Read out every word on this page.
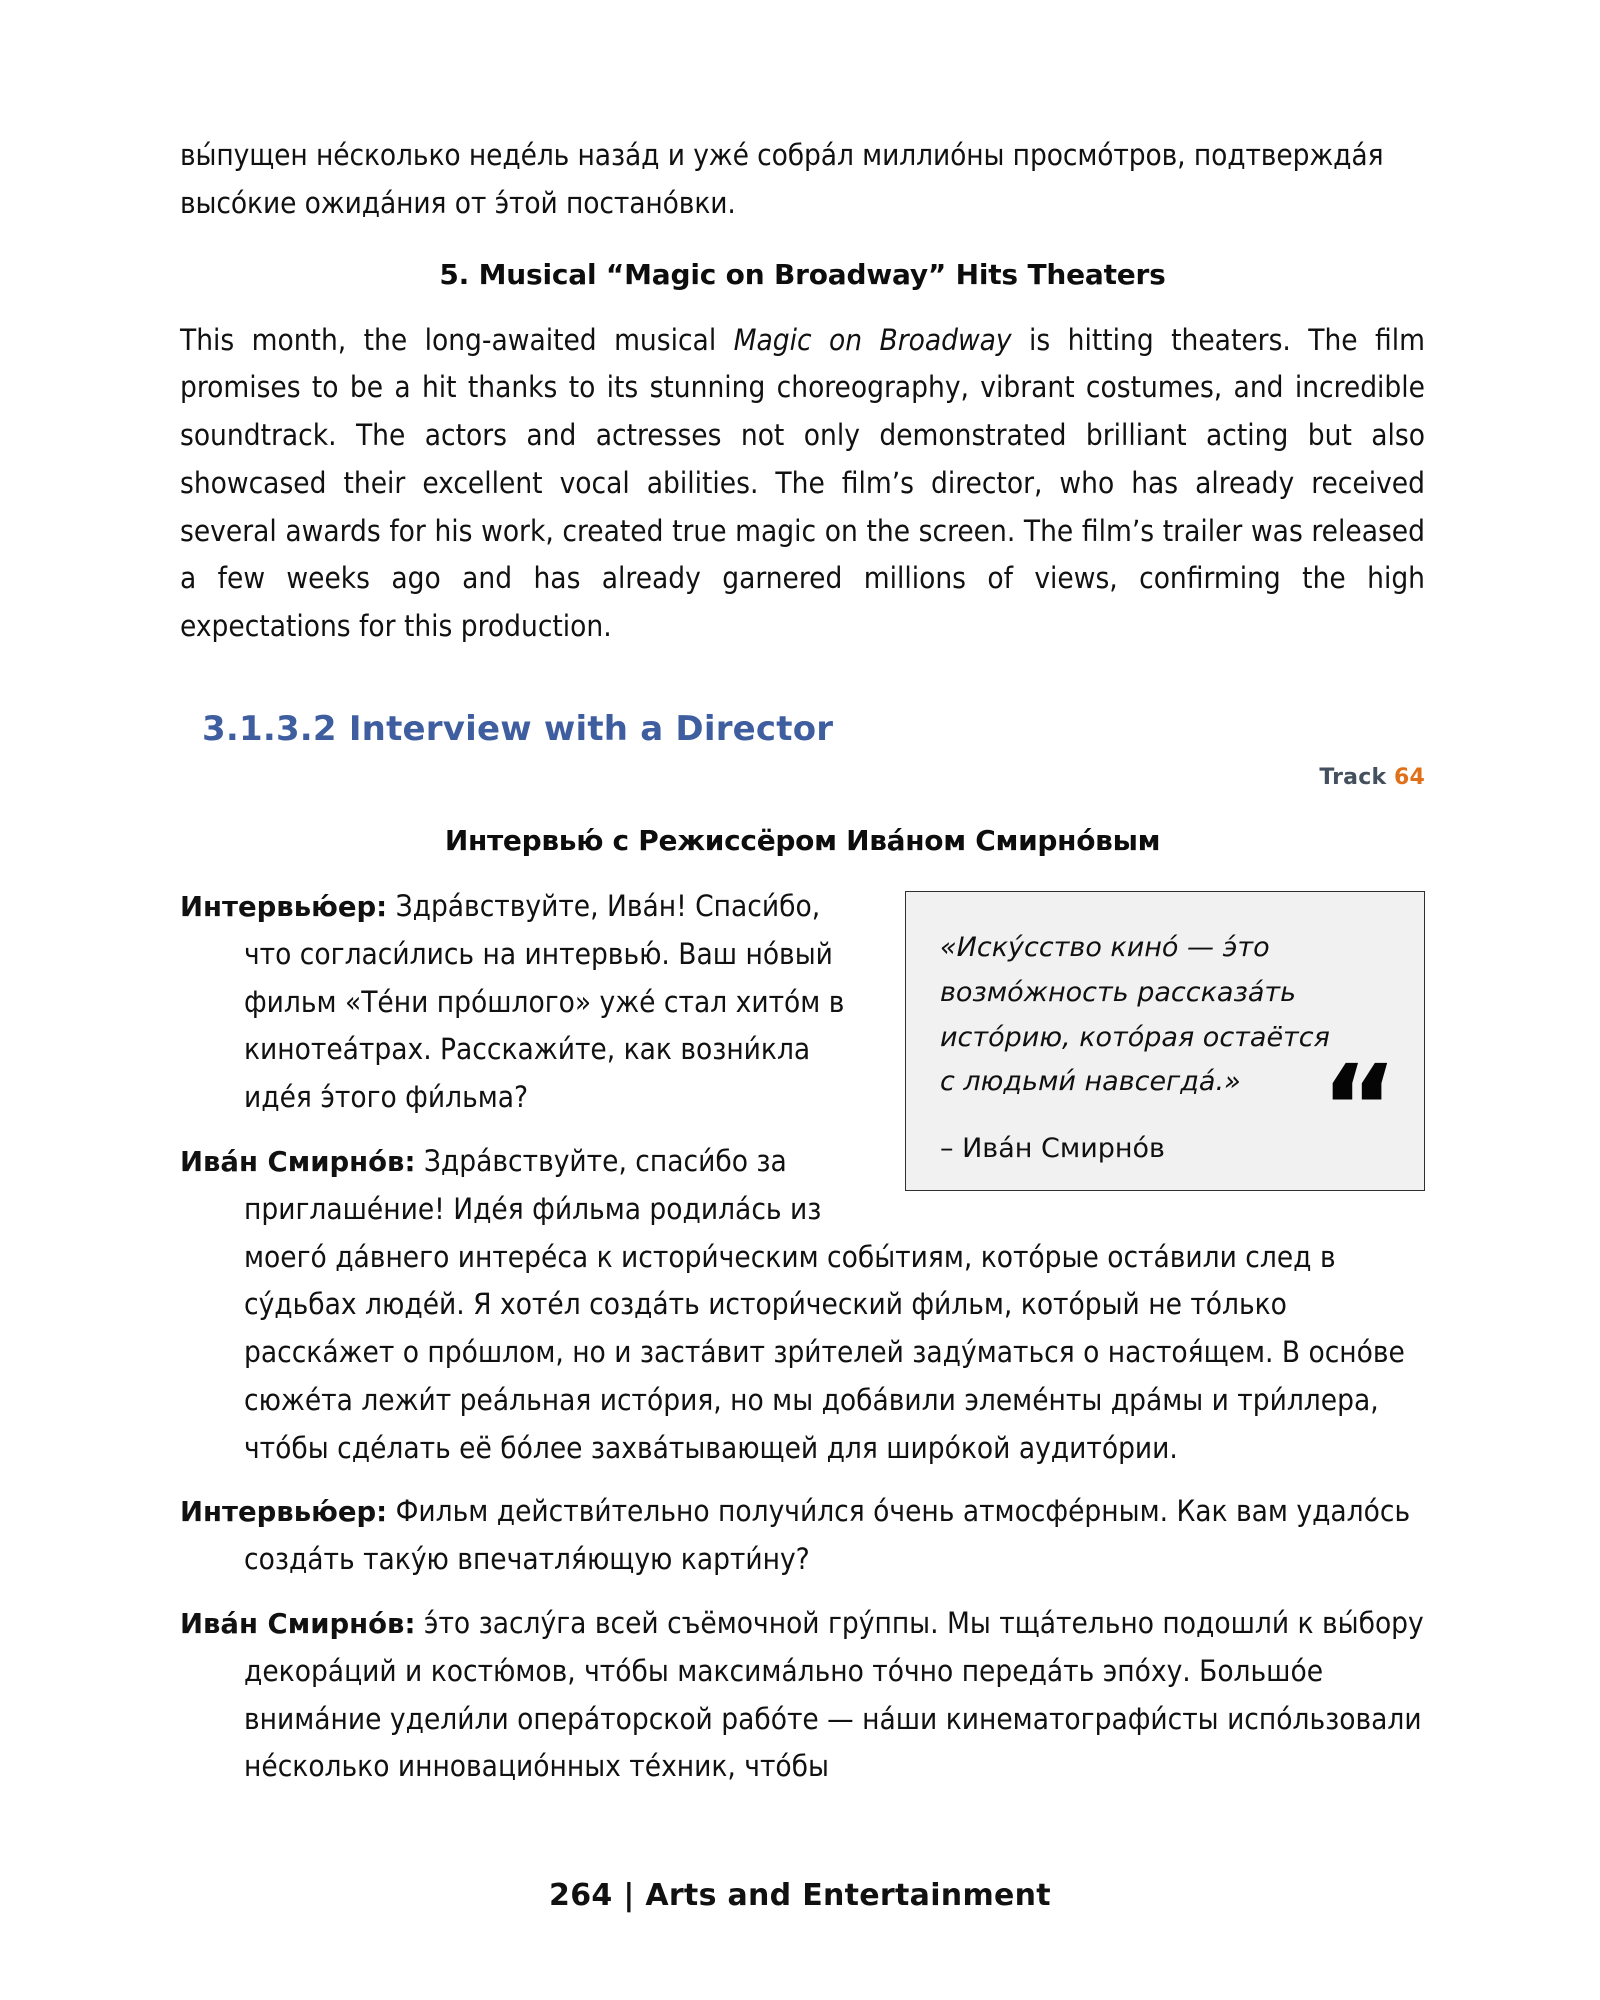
вы́пущен не́сколько неде́ль наза́д и уже́ собра́л миллио́ны просмо́тров, подтвержда́я высо́кие ожида́ния от э́той постано́вки.

5. Musical “Magic on Broadway” Hits Theaters

This month, the long-awaited musical Magic on Broadway is hitting theaters. The film promises to be a hit thanks to its stunning choreography, vibrant costumes, and incredible soundtrack. The actors and actresses not only demonstrated brilliant acting but also showcased their excellent vocal abilities. The film’s director, who has already received several awards for his work, created true magic on the screen. The film’s trailer was released a few weeks ago and has already garnered millions of views, confirming the high expectations for this production.

3.1.3.2 Interview with a Director
Track 64
Интервью́ с Режиссёром Ива́ном Смирно́вым

«Иску́сство кино́ — э́то возмо́жность рассказа́ть исто́рию, кото́рая остаётся с людьми́ навсегда́.»

– Ива́н Смирно́в	“

Интервью́ер: Здра́вствуйте, Ива́н! Спаси́бо, что согласи́лись на интервью́. Ваш но́вый фильм «Те́ни про́шлого» уже́ стал хито́м в кинотеа́трах. Расскажи́те, как возни́кла иде́я э́того фи́льма?

Ива́н Смирно́в: Здра́вствуйте, спаси́бо за приглаше́ние! Иде́я фи́льма родила́сь из моего́ да́внего интере́са к истори́ческим собы́тиям, кото́рые оста́вили след в су́дьбах люде́й. Я хоте́л созда́ть истори́ческий фи́льм, кото́рый не то́лько расска́жет о про́шлом, но и заста́вит зри́телей заду́маться о настоя́щем. В осно́ве сюже́та лежи́т реа́льная исто́рия, но мы доба́вили элеме́нты дра́мы и три́ллера, что́бы сде́лать её бо́лее захва́тывающей для широ́кой аудито́рии.

Интервью́ер: Фильм действи́тельно получи́лся о́чень атмосфе́рным. Как вам удало́сь созда́ть таку́ю впечатля́ющую карти́ну?

Ива́н Смирно́в: э́то заслу́га всей съёмочной гру́ппы. Мы тща́тельно подошли́ к вы́бору декора́ций и костю́мов, что́бы максима́льно то́чно переда́ть эпо́ху. Большо́е внима́ние удели́ли опера́торской рабо́те — на́ши кинематографи́сты испо́льзовали не́сколько инновацио́нных те́хник, что́бы

264 | Arts and Entertainment
